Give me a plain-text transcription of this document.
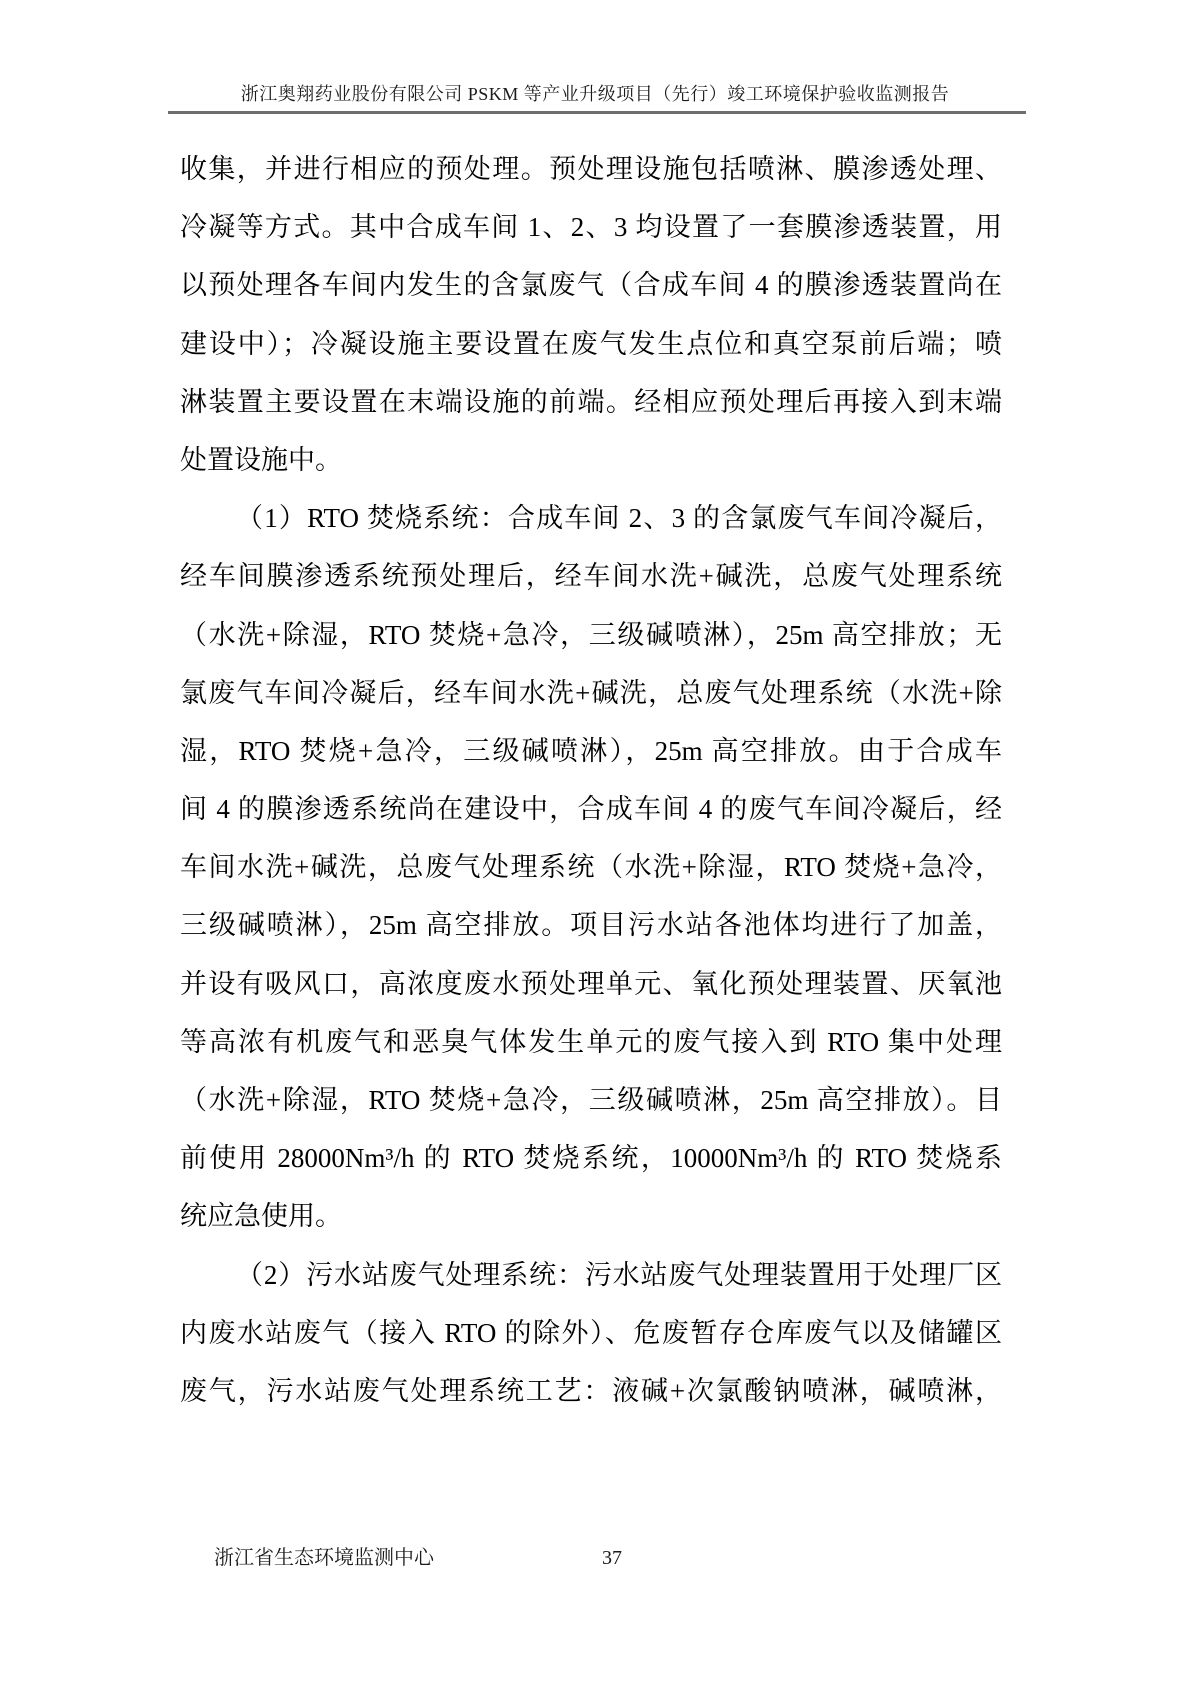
浙江奥翔药业股份有限公司 PSKM 等产业升级项目（先行）竣工环境保护验收监测报告
收集，并进行相应的预处理。预处理设施包括喷淋、膜渗透处理、
冷凝等方式。其中合成车间 1、2、3 均设置了一套膜渗透装置，用
以预处理各车间内发生的含氯废气（合成车间 4 的膜渗透装置尚在
建设中）；冷凝设施主要设置在废气发生点位和真空泵前后端；喷
淋装置主要设置在末端设施的前端。经相应预处理后再接入到末端
处置设施中。
（1）RTO 焚烧系统：合成车间 2、3 的含氯废气车间冷凝后，
经车间膜渗透系统预处理后，经车间水洗+碱洗，总废气处理系统
（水洗+除湿，RTO 焚烧+急冷，三级碱喷淋），25m 高空排放；无
氯废气车间冷凝后，经车间水洗+碱洗，总废气处理系统（水洗+除
湿，RTO 焚烧+急冷，三级碱喷淋），25m 高空排放。由于合成车
间 4 的膜渗透系统尚在建设中，合成车间 4 的废气车间冷凝后，经
车间水洗+碱洗，总废气处理系统（水洗+除湿，RTO 焚烧+急冷，
三级碱喷淋），25m 高空排放。项目污水站各池体均进行了加盖，
并设有吸风口，高浓度废水预处理单元、氧化预处理装置、厌氧池
等高浓有机废气和恶臭气体发生单元的废气接入到 RTO 集中处理
（水洗+除湿，RTO 焚烧+急冷，三级碱喷淋，25m 高空排放）。目
前使用 28000Nm³/h 的 RTO 焚烧系统，10000Nm³/h 的 RTO 焚烧系
统应急使用。
（2）污水站废气处理系统：污水站废气处理装置用于处理厂区
内废水站废气（接入 RTO 的除外）、危废暂存仓库废气以及储罐区
废气，污水站废气处理系统工艺：液碱+次氯酸钠喷淋，碱喷淋，
浙江省生态环境监测中心	37
